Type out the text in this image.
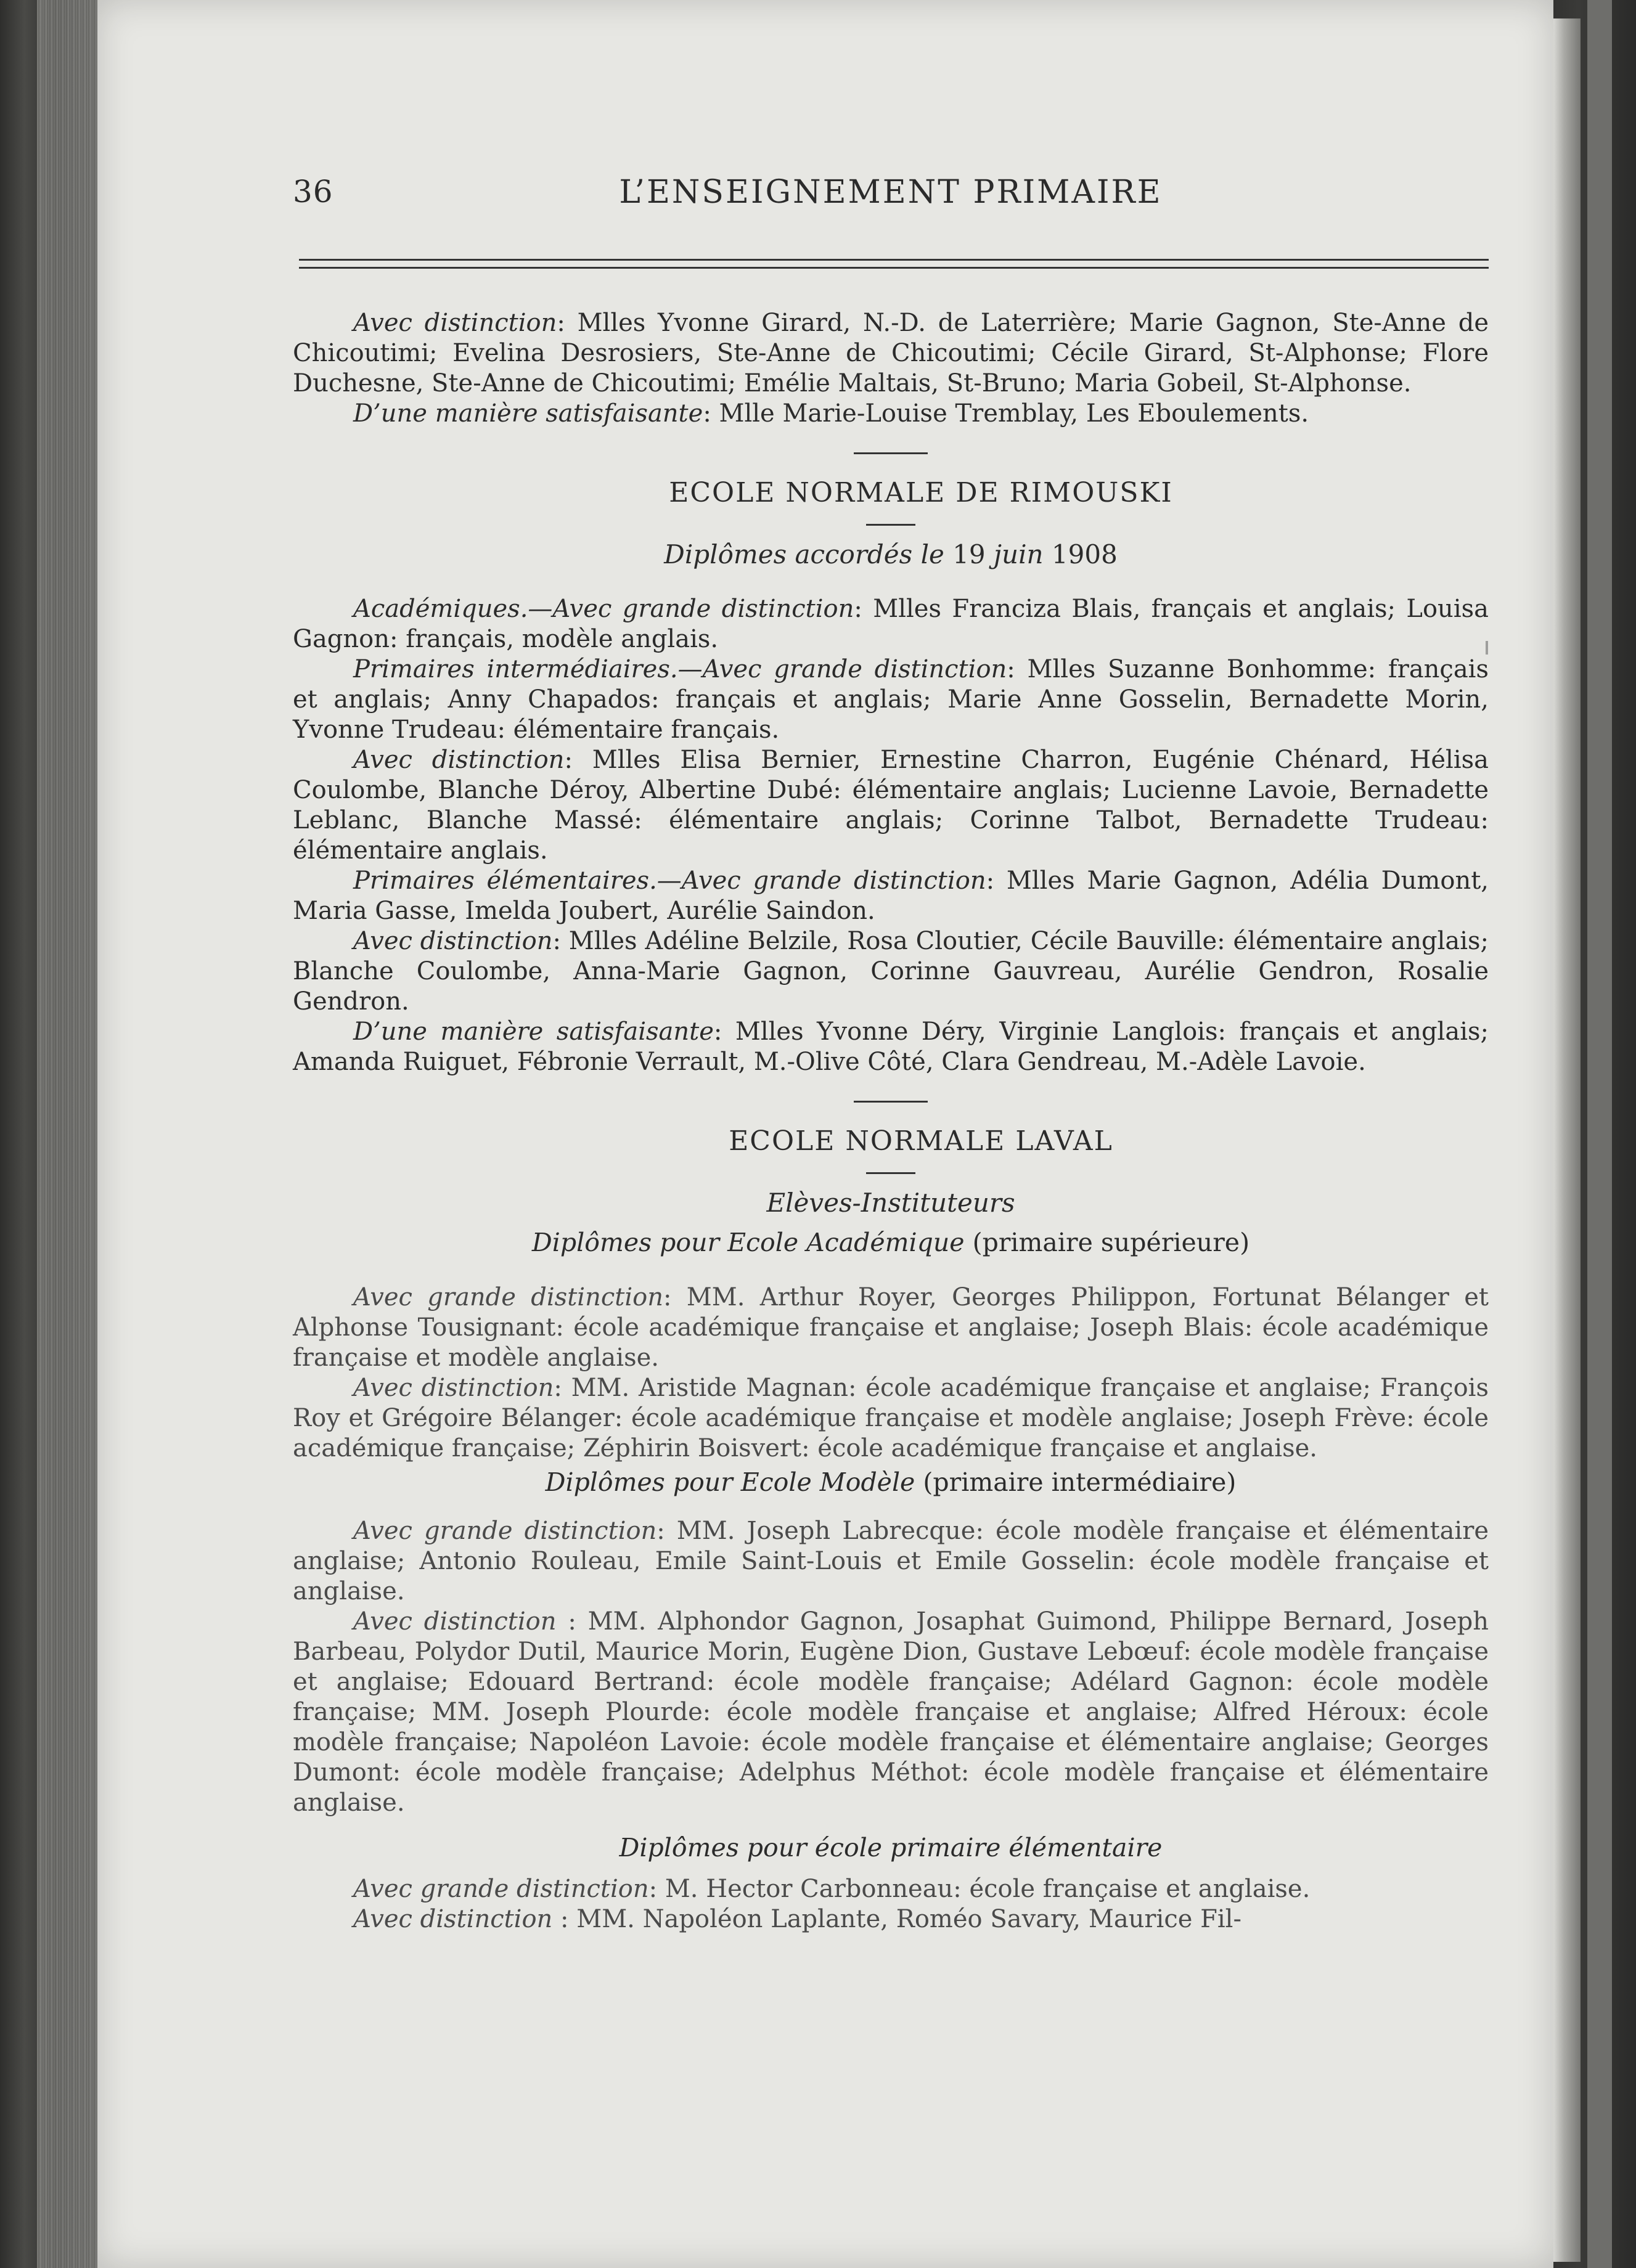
36	L’ENSEIGNEMENT PRIMAIRE

Avec distinction: Mlles Yvonne Girard, N.-D. de Laterrière; Marie Gagnon, Ste-Anne de Chicoutimi; Evelina Desrosiers, Ste-Anne de Chicoutimi; Cécile Girard, St-Alphonse; Flore Duchesne, Ste-Anne de Chicoutimi; Emélie Maltais, St-Bruno; Maria Gobeil, St-Alphonse.

D’une manière satisfaisante: Mlle Marie-Louise Tremblay, Les Eboulements.

ECOLE NORMALE DE RIMOUSKI

Diplômes accordés le 19 juin 1908

Académiques.—Avec grande distinction: Mlles Franciza Blais, français et anglais; Louisa Gagnon: français, modèle anglais.

Primaires intermédiaires.—Avec grande distinction: Mlles Suzanne Bonhomme: français et anglais; Anny Chapados: français et anglais; Marie Anne Gosselin, Bernadette Morin, Yvonne Trudeau: élémentaire français.

Avec distinction: Mlles Elisa Bernier, Ernestine Charron, Eugénie Chénard, Hélisa Coulombe, Blanche Déroy, Albertine Dubé: élémentaire anglais; Lucienne Lavoie, Bernadette Leblanc, Blanche Massé: élémentaire anglais; Corinne Talbot, Bernadette Trudeau: élémentaire anglais.

Primaires élémentaires.—Avec grande distinction: Mlles Marie Gagnon, Adélia Dumont, Maria Gasse, Imelda Joubert, Aurélie Saindon.

Avec distinction: Mlles Adéline Belzile, Rosa Cloutier, Cécile Bauville: élémentaire anglais; Blanche Coulombe, Anna-Marie Gagnon, Corinne Gauvreau, Aurélie Gendron, Rosalie Gendron.

D’une manière satisfaisante: Mlles Yvonne Déry, Virginie Langlois: français et anglais; Amanda Ruiguet, Fébronie Verrault, M.-Olive Côté, Clara Gendreau, M.-Adèle Lavoie.

ECOLE NORMALE LAVAL

Elèves-Instituteurs
Diplômes pour Ecole Académique (primaire supérieure)

Avec grande distinction: MM. Arthur Royer, Georges Philippon, Fortunat Bélanger et Alphonse Tousignant: école académique française et anglaise; Joseph Blais: école académique française et modèle anglaise.

Avec distinction: MM. Aristide Magnan: école académique française et anglaise; François Roy et Grégoire Bélanger: école académique française et modèle anglaise; Joseph Frève: école académique française; Zéphirin Boisvert: école académique française et anglaise.

Diplômes pour Ecole Modèle (primaire intermédiaire)

Avec grande distinction: MM. Joseph Labrecque: école modèle française et élémentaire anglaise; Antonio Rouleau, Emile Saint-Louis et Emile Gosselin: école modèle française et anglaise.

Avec distinction : MM. Alphondor Gagnon, Josaphat Guimond, Philippe Bernard, Joseph Barbeau, Polydor Dutil, Maurice Morin, Eugène Dion, Gustave Lebœuf: école modèle française et anglaise; Edouard Bertrand: école modèle française; Adélard Gagnon: école modèle française; MM. Joseph Plourde: école modèle française et anglaise; Alfred Héroux: école modèle française; Napoléon Lavoie: école modèle française et élémentaire anglaise; Georges Dumont: école modèle française; Adelphus Méthot: école modèle française et élémentaire anglaise.

Diplômes pour école primaire élémentaire

Avec grande distinction: M. Hector Carbonneau: école française et anglaise.

Avec distinction : MM. Napoléon Laplante, Roméo Savary, Maurice Fil-
